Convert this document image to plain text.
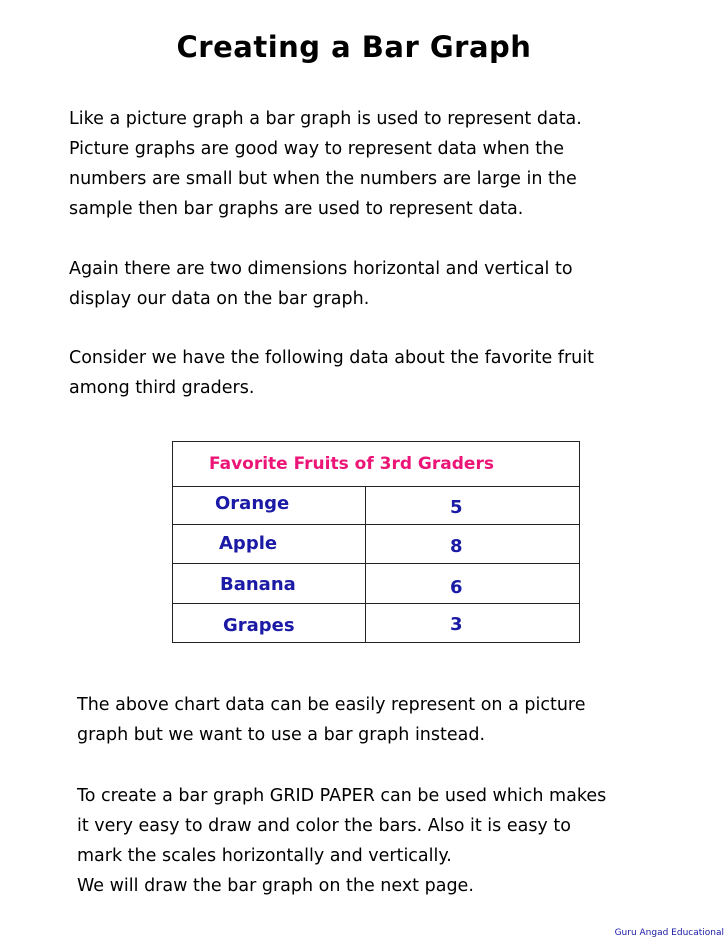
Creating a Bar Graph

Like a picture graph a bar graph is used to represent data.
Picture graphs are good way to represent data when the
numbers are small but when the numbers are large in the
sample then bar graphs are used to represent data.

Again there are two dimensions horizontal and vertical to
display our data on the bar graph.

Consider we have the following data about the favorite fruit
among third graders.

Favorite Fruits of 3rd Graders
Orange	5
Apple	8
Banana	6
Grapes	3

The above chart data can be easily represent on a picture
graph but we want to use a bar graph instead.

To create a bar graph GRID PAPER can be used which makes
it very easy to draw and color the bars. Also it is easy to
mark the scales horizontally and vertically.
We will draw the bar graph on the next page.

Guru Angad Educational
